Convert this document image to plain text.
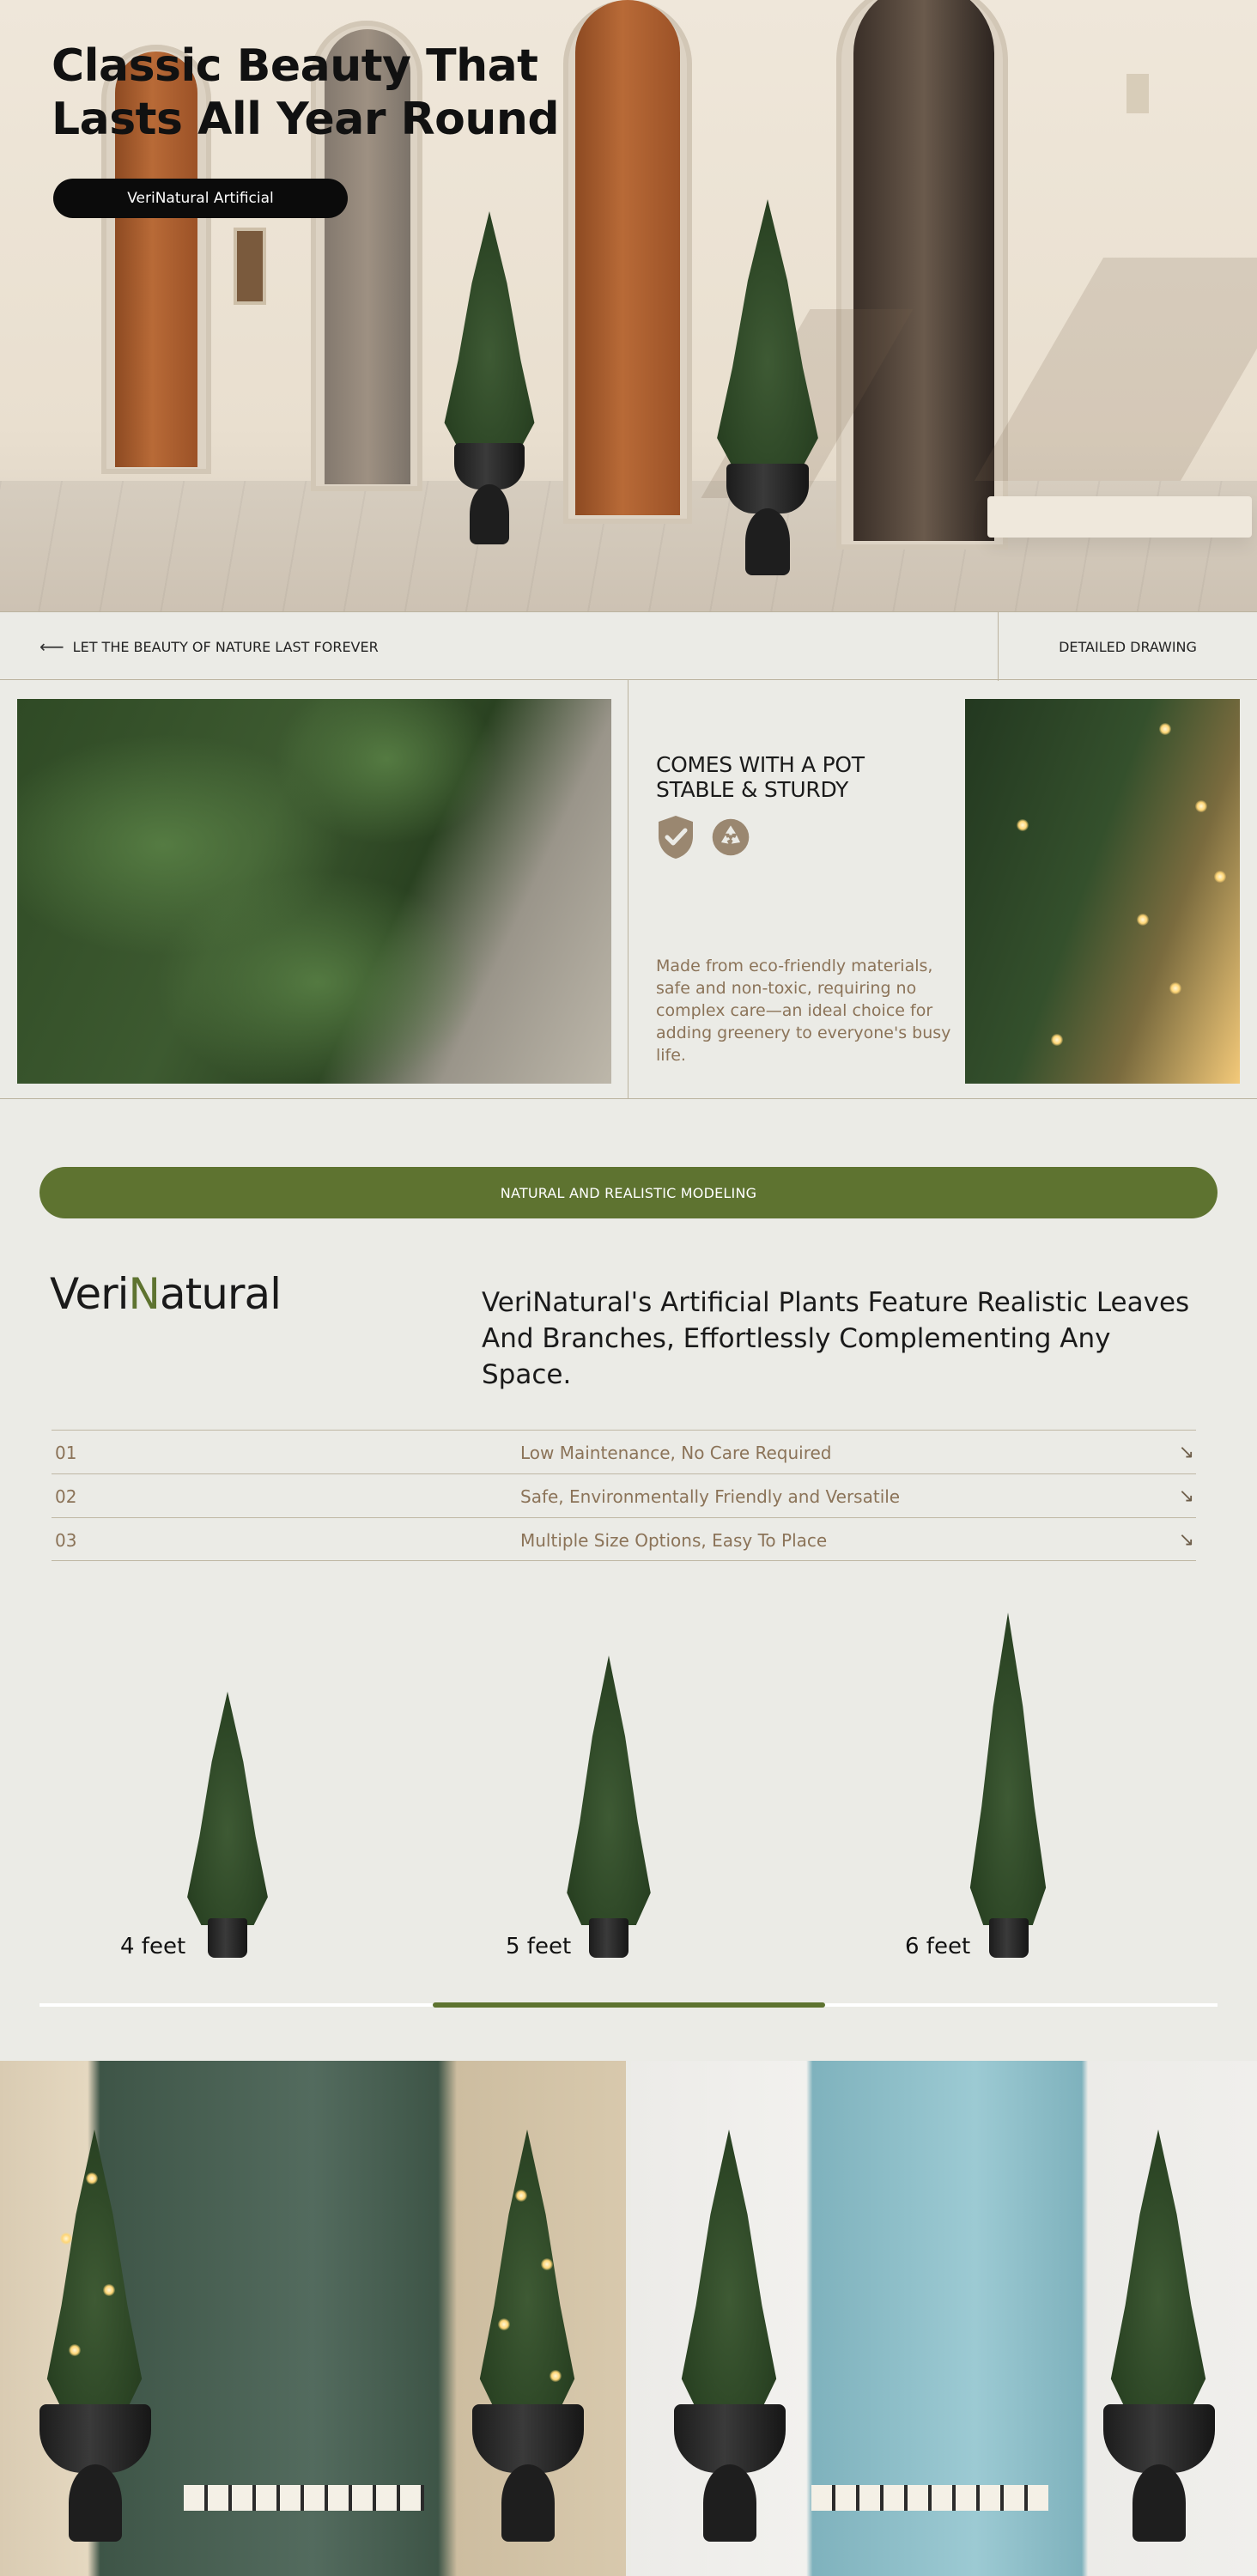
Classic Beauty That
Lasts All Year Round
VeriNatural Artificial
⟵ LET THE BEAUTY OF NATURE LAST FOREVER	DETAILED DRAWING
COMES WITH A POT
STABLE & STURDY

Made from eco-friendly materials, safe and non-toxic, requiring no complex care—an ideal choice for adding greenery to everyone's busy life.

NATURAL AND REALISTIC MODELING
VeriNatural	VeriNatural's Artificial Plants Feature Realistic Leaves And Branches, Effortlessly Complementing Any Space.

01	Low Maintenance, No Care Required	↘
02	Safe, Environmentally Friendly and Versatile	↘
03	Multiple Size Options, Easy To Place	↘
4 feet	5 feet	6 feet
